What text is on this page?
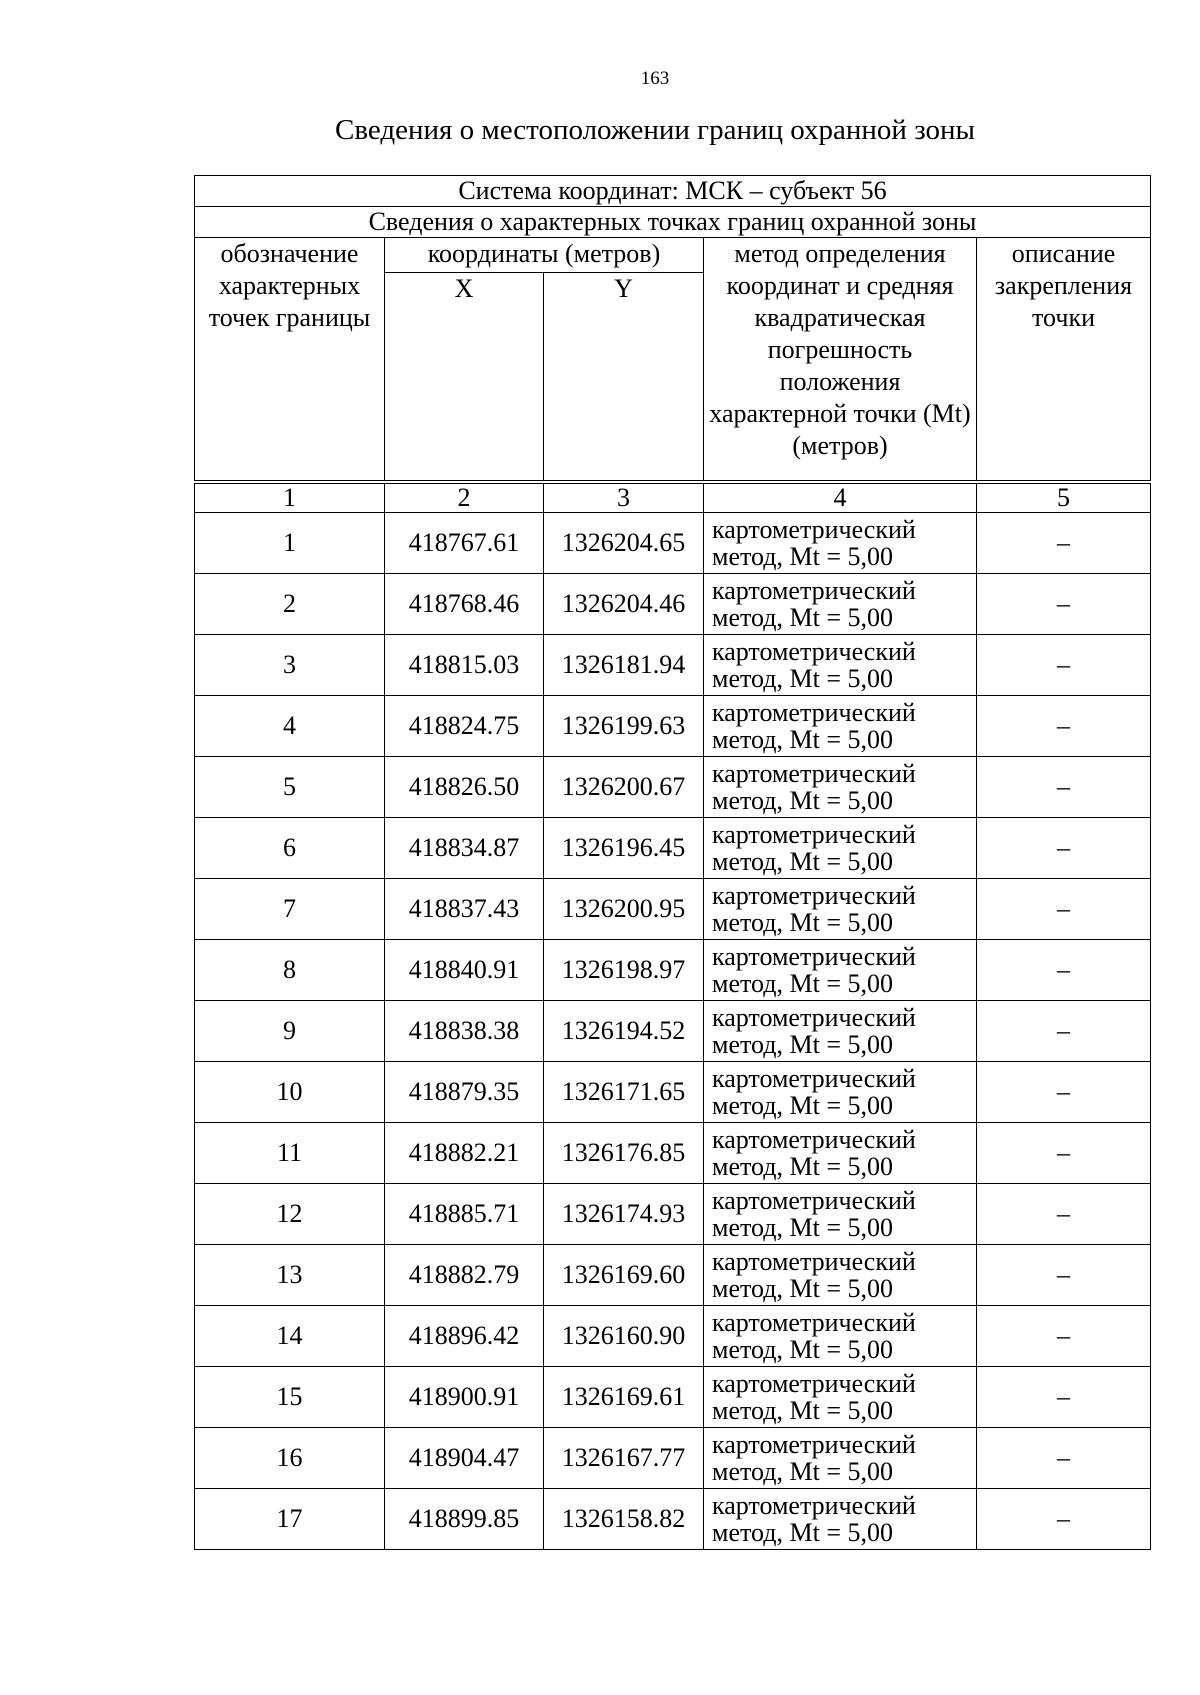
163
Сведения о местоположении границ охранной зоны
Система координат: МСК – субъект 56				
Сведения о характерных точках границ охранной зоны				
обозначение характерных точек границы	координаты (метров)		метод определения координат и средняя квадратическая погрешность положения характерной точки (Mt) (метров)	описание закрепления точки
	X	Y		
1	2	3	4	5
1	418767.61	1326204.65	картометрический метод, Mt = 5,00	–
2	418768.46	1326204.46	картометрический метод, Mt = 5,00	–
3	418815.03	1326181.94	картометрический метод, Mt = 5,00	–
4	418824.75	1326199.63	картометрический метод, Mt = 5,00	–
5	418826.50	1326200.67	картометрический метод, Mt = 5,00	–
6	418834.87	1326196.45	картометрический метод, Mt = 5,00	–
7	418837.43	1326200.95	картометрический метод, Mt = 5,00	–
8	418840.91	1326198.97	картометрический метод, Mt = 5,00	–
9	418838.38	1326194.52	картометрический метод, Mt = 5,00	–
10	418879.35	1326171.65	картометрический метод, Mt = 5,00	–
11	418882.21	1326176.85	картометрический метод, Mt = 5,00	–
12	418885.71	1326174.93	картометрический метод, Mt = 5,00	–
13	418882.79	1326169.60	картометрический метод, Mt = 5,00	–
14	418896.42	1326160.90	картометрический метод, Mt = 5,00	–
15	418900.91	1326169.61	картометрический метод, Mt = 5,00	–
16	418904.47	1326167.77	картометрический метод, Mt = 5,00	–
17	418899.85	1326158.82	картометрический метод, Mt = 5,00	–
